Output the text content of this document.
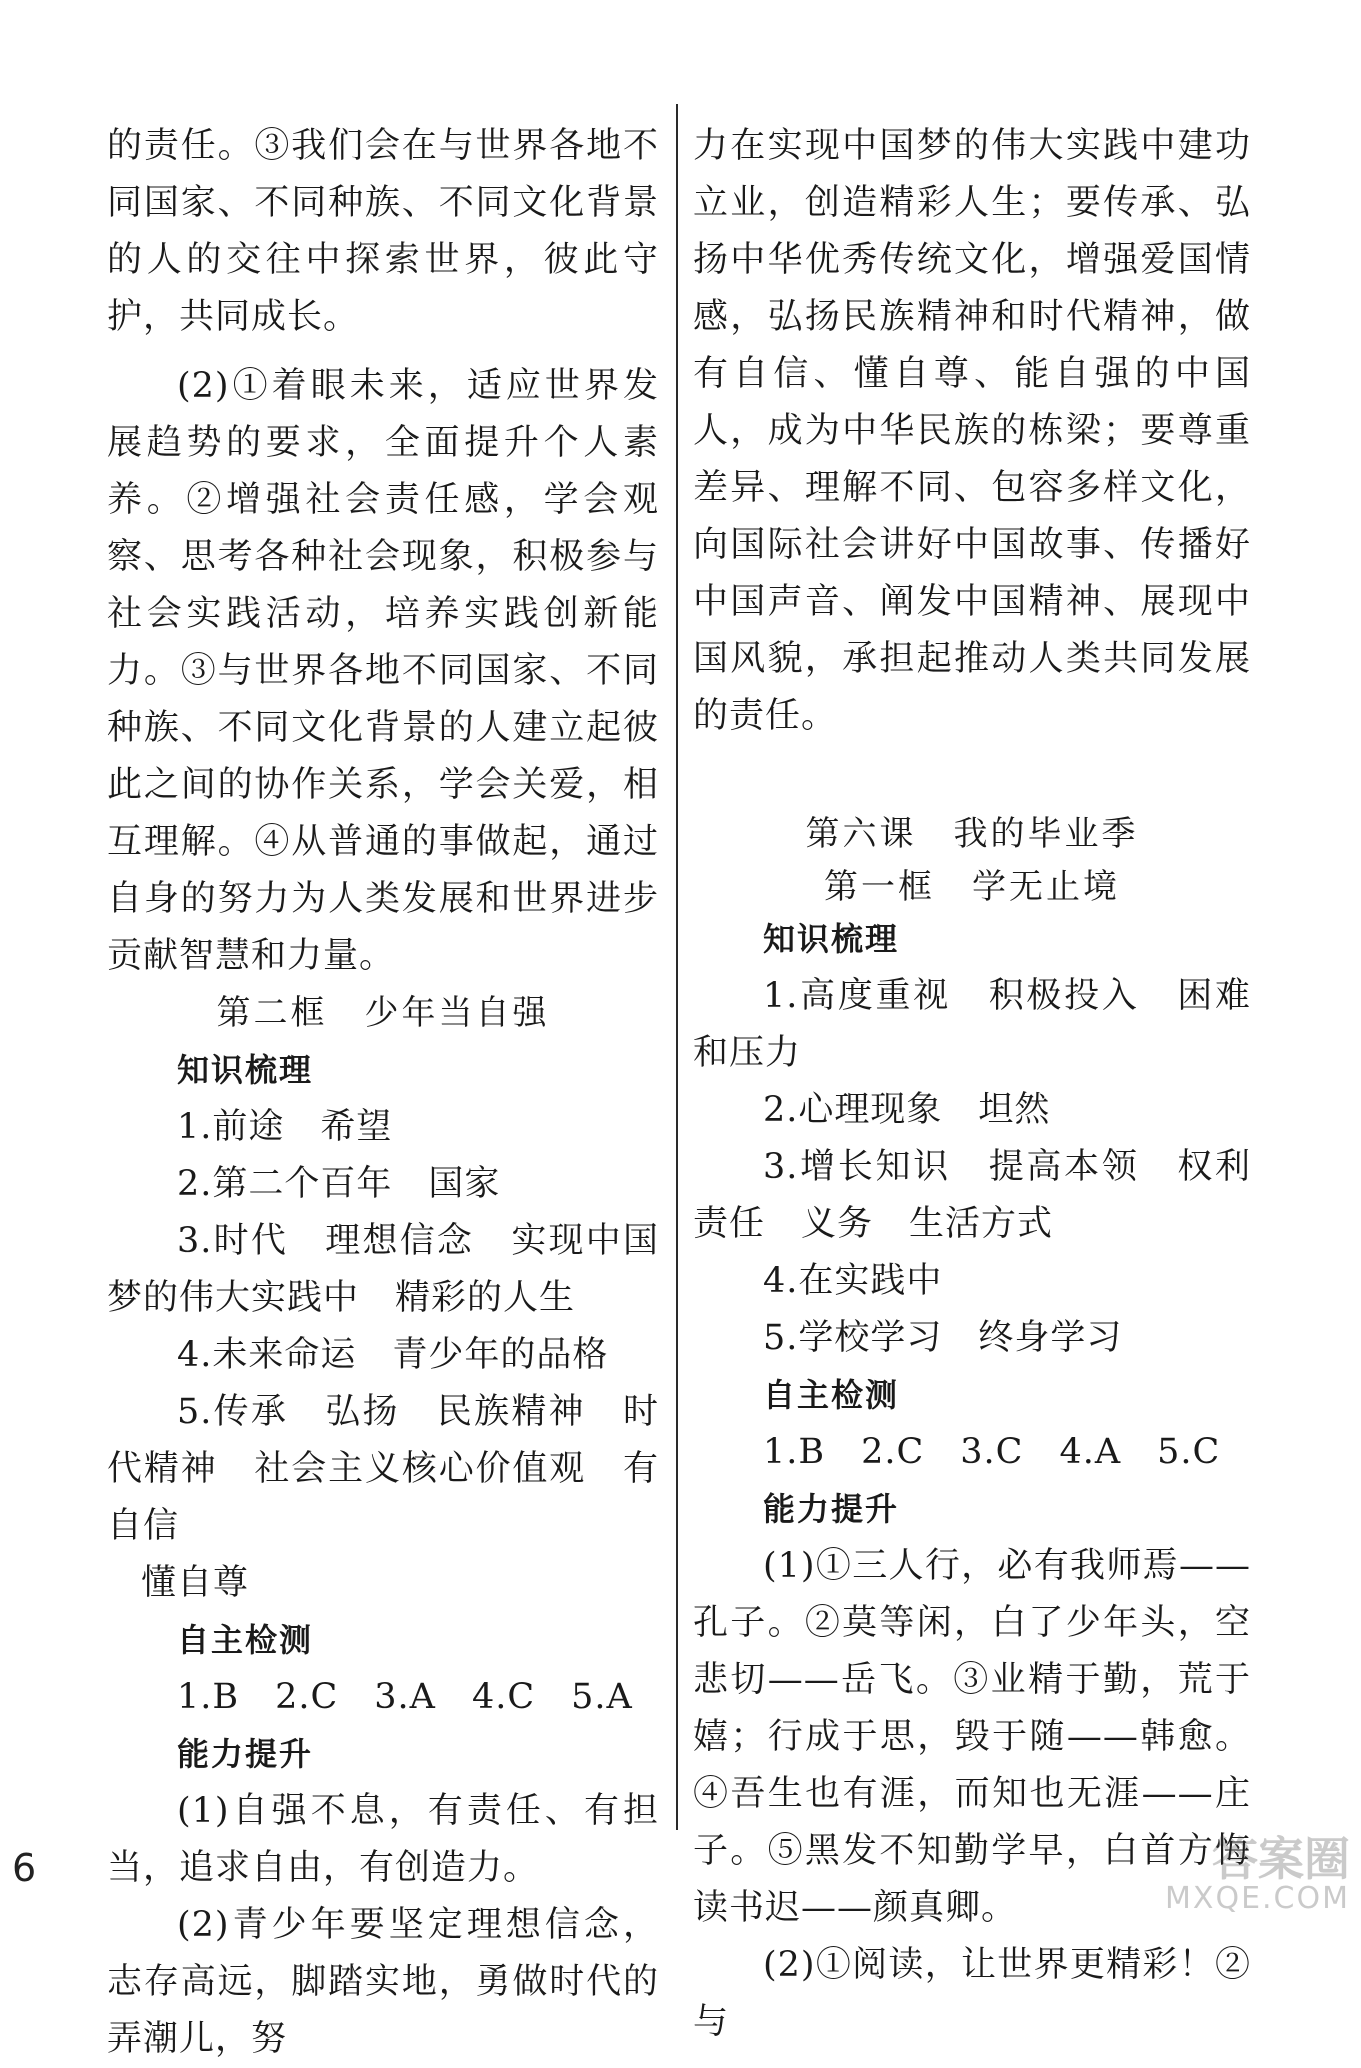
的责任。③我们会在与世界各地不同国家、不同种族、不同文化背景的人的交往中探索世界，彼此守护，共同成长。

(2)①着眼未来，适应世界发展趋势的要求，全面提升个人素养。②增强社会责任感，学会观察、思考各种社会现象，积极参与社会实践活动，培养实践创新能力。③与世界各地不同国家、不同种族、不同文化背景的人建立起彼此之间的协作关系，学会关爱，相互理解。④从普通的事做起，通过自身的努力为人类发展和世界进步贡献智慧和力量。

第二框　少年当自强
知识梳理
1.前途　希望
2.第二个百年　国家

3.时代　理想信念　实现中国梦的伟大实践中　精彩的人生

4.未来命运　青少年的品格

5.传承　弘扬　民族精神　时代精神　社会主义核心价值观　有自信

懂自尊

自主检测
1.B　2.C　3.A　4.C　5.A
能力提升

(1)自强不息，有责任、有担当，追求自由，有创造力。

(2)青少年要坚定理想信念，志存高远，脚踏实地，勇做时代的弄潮儿，努

力在实现中国梦的伟大实践中建功立业，创造精彩人生；要传承、弘扬中华优秀传统文化，增强爱国情感，弘扬民族精神和时代精神，做有自信、懂自尊、能自强的中国人，成为中华民族的栋梁；要尊重差异、理解不同、包容多样文化，向国际社会讲好中国故事、传播好中国声音、阐发中国精神、展现中国风貌，承担起推动人类共同发展的责任。

第六课　我的毕业季
第一框　学无止境
知识梳理

1.高度重视　积极投入　困难和压力

2.心理现象　坦然

3.增长知识　提高本领　权利责任　义务　生活方式

4.在实践中
5.学校学习　终身学习
自主检测
1.B　2.C　3.C　4.A　5.C
能力提升

(1)①三人行，必有我师焉——孔子。②莫等闲，白了少年头，空悲切——岳飞。③业精于勤，荒于嬉；行成于思，毁于随——韩愈。④吾生也有涯，而知也无涯——庄子。⑤黑发不知勤学早，白首方悔读书迟——颜真卿。

(2)①阅读，让世界更精彩！②与

6	答案圈
MXQE.COM
